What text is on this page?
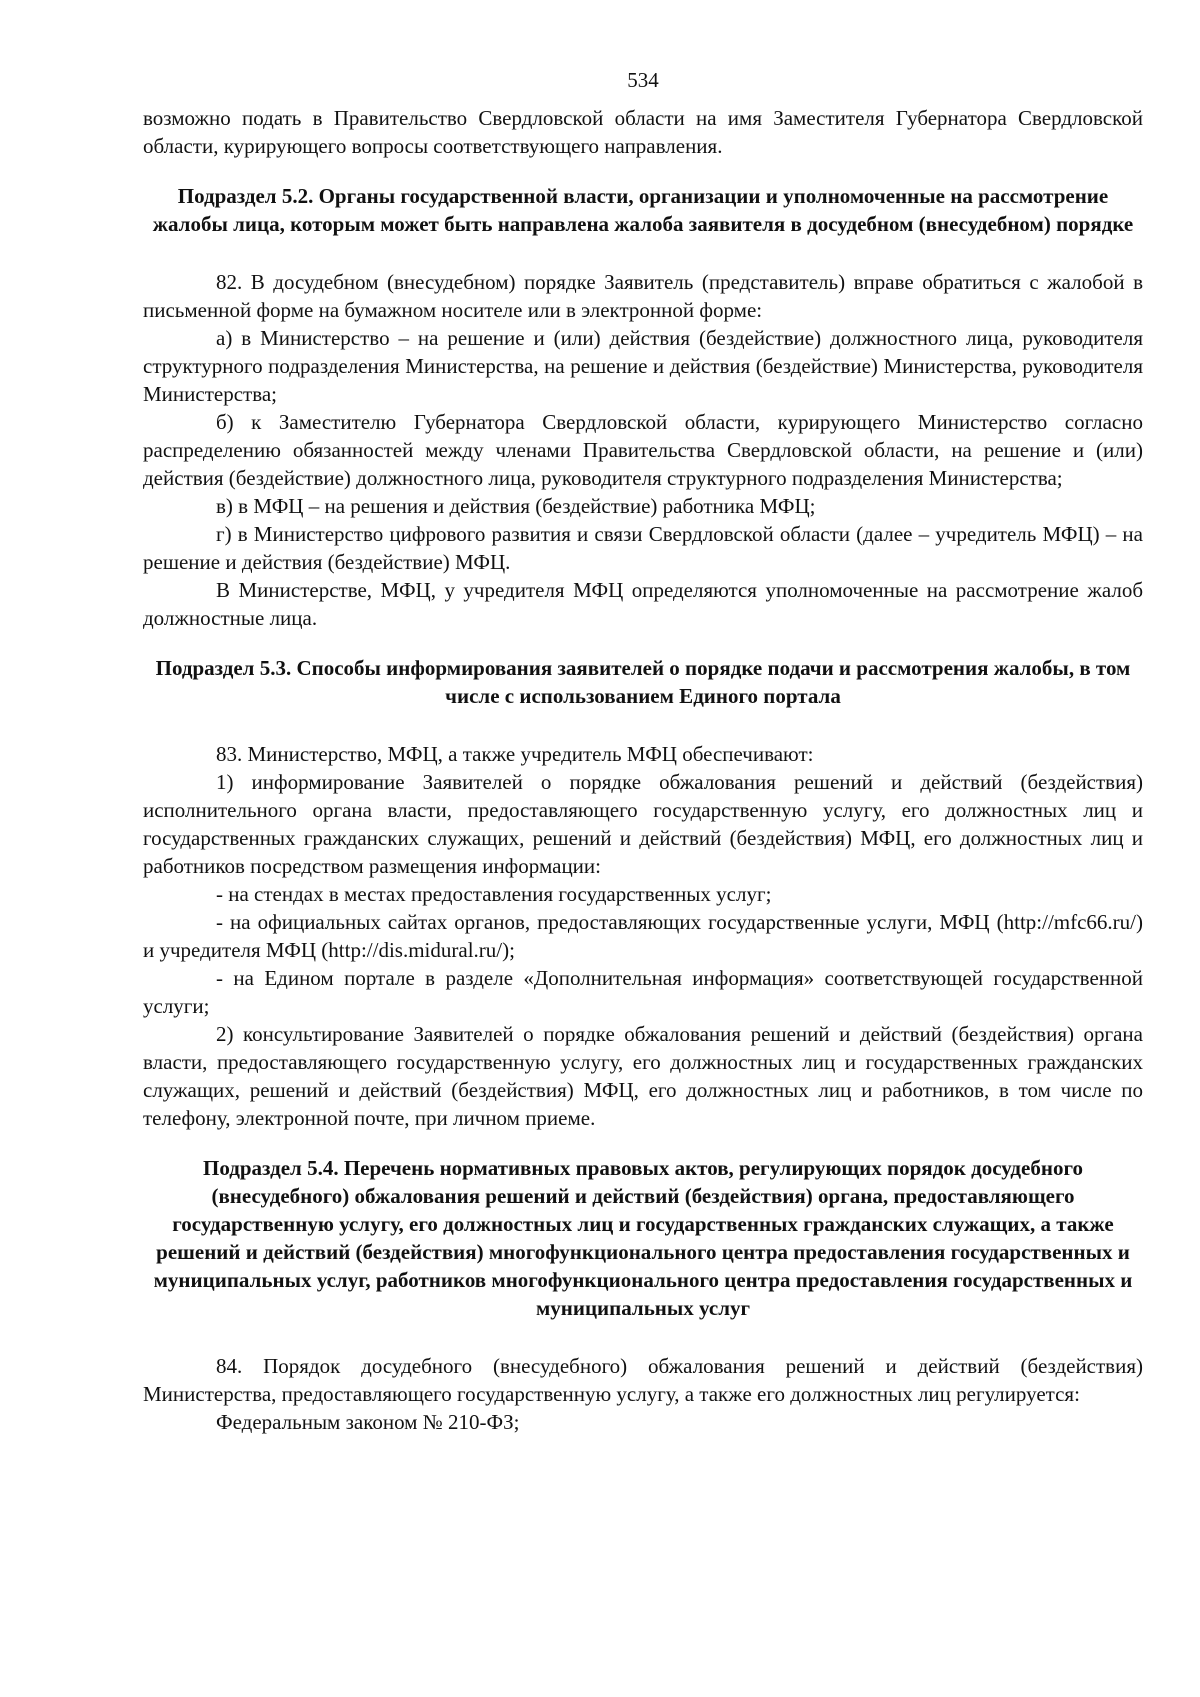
534

возможно подать в Правительство Свердловской области на имя Заместителя Губернатора Свердловской области, курирующего вопросы соответствующего направления.

Подраздел 5.2. Органы государственной власти, организации и уполномоченные на рассмотрение жалобы лица, которым может быть направлена жалоба заявителя в досудебном (внесудебном) порядке

82. В досудебном (внесудебном) порядке Заявитель (представитель) вправе обратиться с жалобой в письменной форме на бумажном носителе или в электронной форме:

а) в Министерство – на решение и (или) действия (бездействие) должностного лица, руководителя структурного подразделения Министерства, на решение и действия (бездействие) Министерства, руководителя Министерства;

б) к Заместителю Губернатора Свердловской области, курирующего Министерство согласно распределению обязанностей между членами Правительства Свердловской области, на решение и (или) действия (бездействие) должностного лица, руководителя структурного подразделения Министерства;

в) в МФЦ – на решения и действия (бездействие) работника МФЦ;

г) в Министерство цифрового развития и связи Свердловской области (далее – учредитель МФЦ) – на решение и действия (бездействие) МФЦ.

В Министерстве, МФЦ, у учредителя МФЦ определяются уполномоченные на рассмотрение жалоб должностные лица.

Подраздел 5.3. Способы информирования заявителей о порядке подачи и рассмотрения жалобы, в том числе с использованием Единого портала

83. Министерство, МФЦ, а также учредитель МФЦ обеспечивают:

1) информирование Заявителей о порядке обжалования решений и действий (бездействия) исполнительного органа власти, предоставляющего государственную услугу, его должностных лиц и государственных гражданских служащих, решений и действий (бездействия) МФЦ, его должностных лиц и работников посредством размещения информации:

- на стендах в местах предоставления государственных услуг;

- на официальных сайтах органов, предоставляющих государственные услуги, МФЦ (http://mfc66.ru/) и учредителя МФЦ (http://dis.midural.ru/);

- на Едином портале в разделе «Дополнительная информация» соответствующей государственной услуги;

2) консультирование Заявителей о порядке обжалования решений и действий (бездействия) органа власти, предоставляющего государственную услугу, его должностных лиц и государственных гражданских служащих, решений и действий (бездействия) МФЦ, его должностных лиц и работников, в том числе по телефону, электронной почте, при личном приеме.

Подраздел 5.4. Перечень нормативных правовых актов, регулирующих порядок досудебного (внесудебного) обжалования решений и действий (бездействия) органа, предоставляющего государственную услугу, его должностных лиц и государственных гражданских служащих, а также решений и действий (бездействия) многофункционального центра предоставления государственных и муниципальных услуг, работников многофункционального центра предоставления государственных и муниципальных услуг

84. Порядок досудебного (внесудебного) обжалования решений и действий (бездействия) Министерства, предоставляющего государственную услугу, а также его должностных лиц регулируется:

Федеральным законом № 210-ФЗ;
